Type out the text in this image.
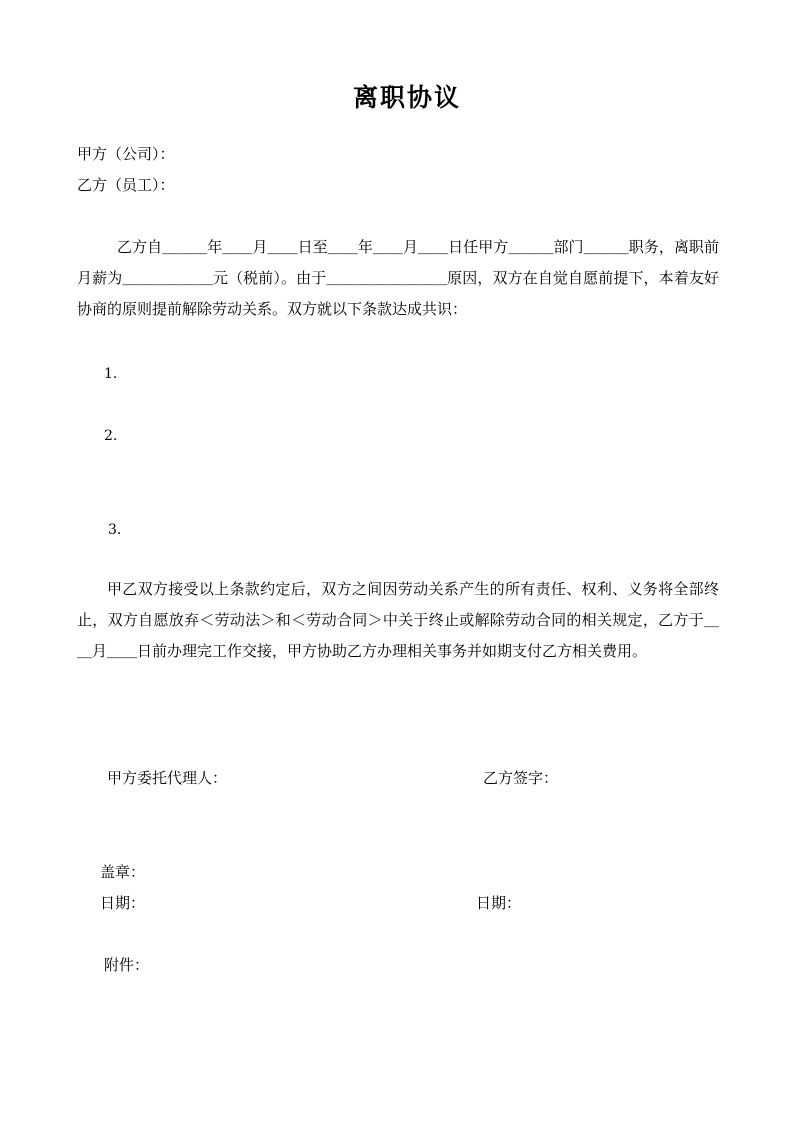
离职协议
甲方（公司）：
乙方（员工）：
乙方自＿＿＿年＿＿月＿＿日至＿＿年＿＿月＿＿日任甲方＿＿＿部门＿＿＿职务，离职前月薪为＿＿＿＿＿＿元（税前）。由于＿＿＿＿＿＿＿＿原因，双方在自觉自愿前提下，本着友好协商的原则提前解除劳动关系。双方就以下条款达成共识：
1.
2.
3.
甲乙双方接受以上条款约定后，双方之间因劳动关系产生的所有责任、权利、义务将全部终止，双方自愿放弃＜劳动法＞和＜劳动合同＞中关于终止或解除劳动合同的相关规定，乙方于＿＿月＿＿日前办理完工作交接，甲方协助乙方办理相关事务并如期支付乙方相关费用。
甲方委托代理人：	乙方签字：
盖章：
日期：	日期：
附件：
